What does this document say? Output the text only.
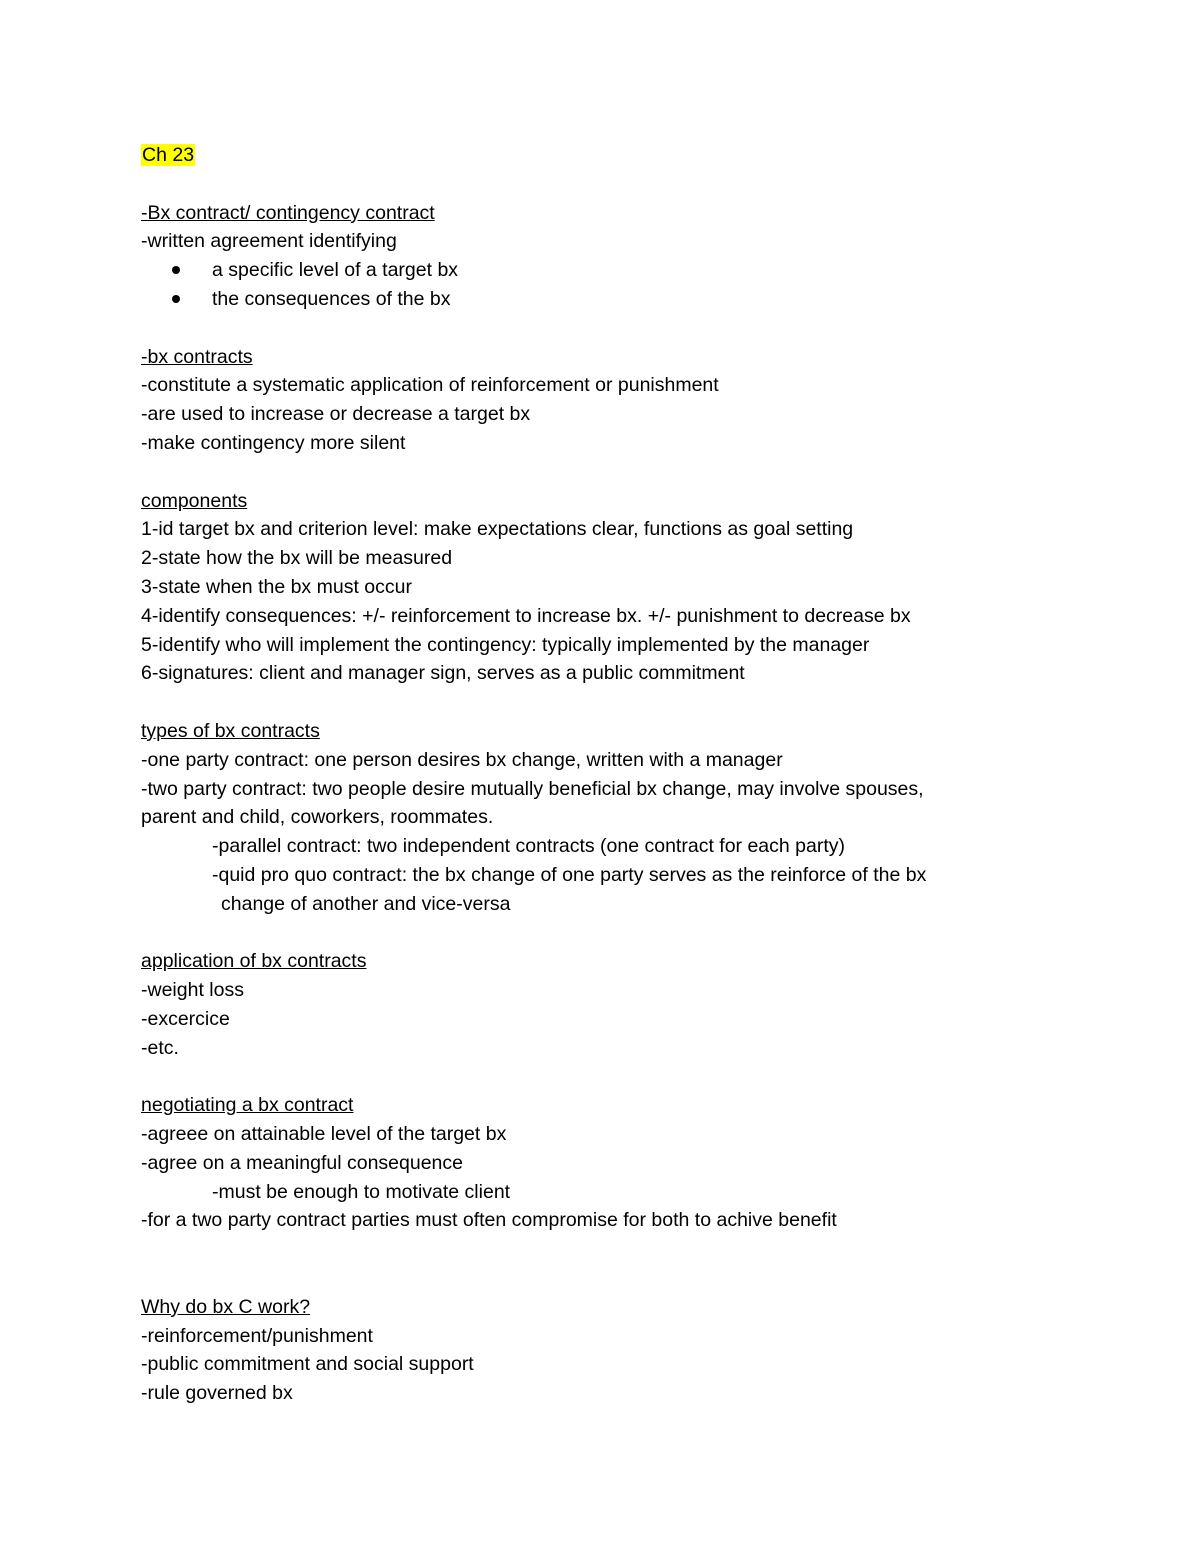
Ch 23
-Bx contract/ contingency contract
-written agreement identifying
a specific level of a target bx
the consequences of the bx
-bx contracts
-constitute a systematic application of reinforcement or punishment
-are used to increase or decrease a target bx
-make contingency more silent
components
1-id target bx and criterion level: make expectations clear, functions as goal setting
2-state how the bx will be measured
3-state when the bx must occur
4-identify consequences: +/- reinforcement to increase bx. +/- punishment to decrease bx
5-identify who will implement the contingency: typically implemented by the manager
6-signatures: client and manager sign, serves as a public commitment
types of bx contracts
-one party contract: one person desires bx change, written with a manager
-two party contract: two people desire mutually beneficial bx change, may involve spouses,
parent and child, coworkers, roommates.
-parallel contract: two independent contracts (one contract for each party)
-quid pro quo contract: the bx change of one party serves as the reinforce of the bx
change of another and vice-versa
application of bx contracts
-weight loss
-excercice
-etc.
negotiating a bx contract
-agreee on attainable level of the target bx
-agree on a meaningful consequence
-must be enough to motivate client
-for a two party contract parties must often compromise for both to achive benefit
Why do bx C work?
-reinforcement/punishment
-public commitment and social support
-rule governed bx
